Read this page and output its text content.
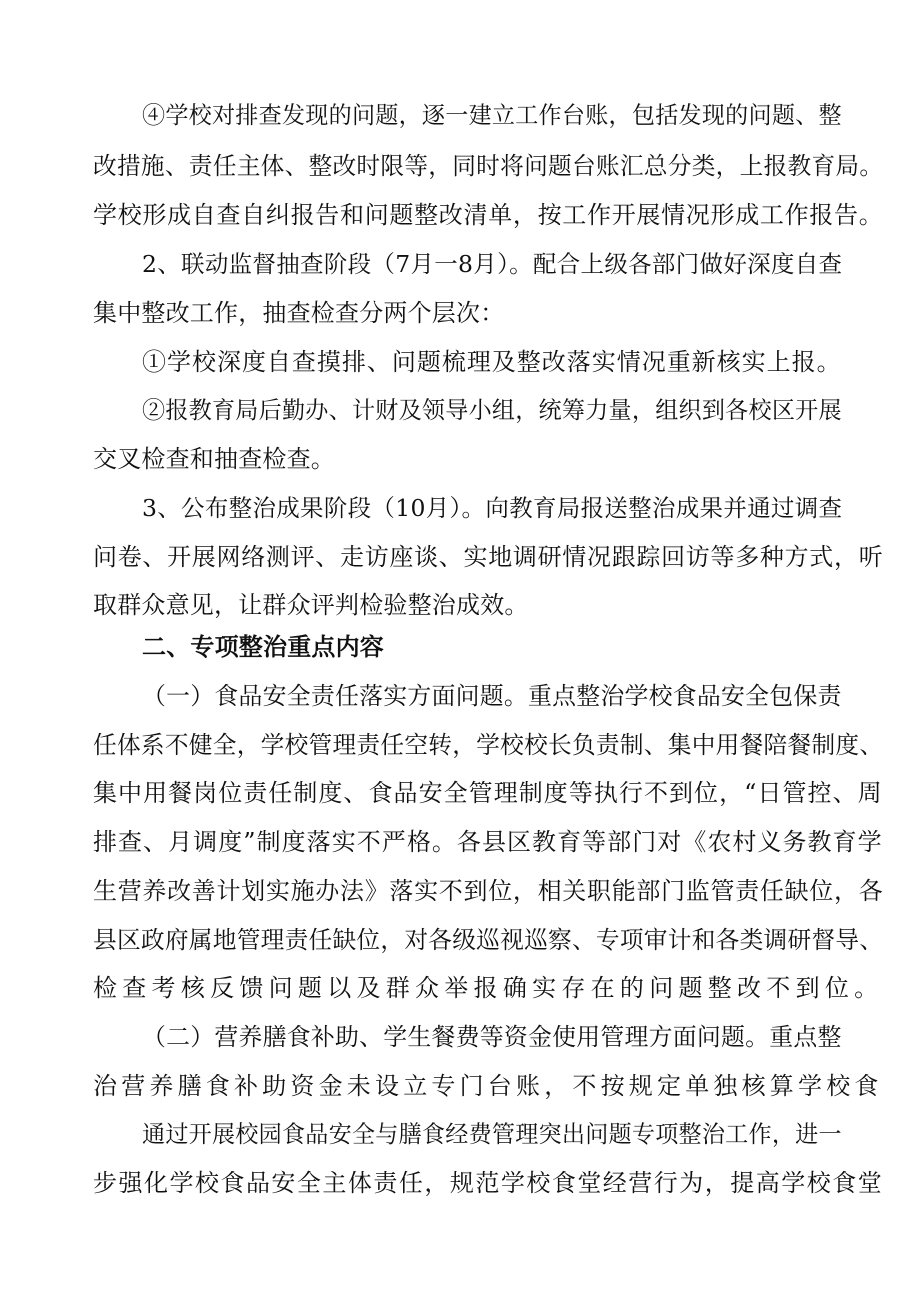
④学校对排查发现的问题，逐一建立工作台账，包括发现的问题、整
改措施、责任主体、整改时限等，同时将问题台账汇总分类，上报教育局。
学校形成自查自纠报告和问题整改清单，按工作开展情况形成工作报告。
2、联动监督抽查阶段（7月一8月）。配合上级各部门做好深度自查
集中整改工作，抽查检查分两个层次：
①学校深度自查摸排、问题梳理及整改落实情况重新核实上报。
②报教育局后勤办、计财及领导小组，统筹力量，组织到各校区开展
交叉检查和抽查检查。
3、公布整治成果阶段（10月）。向教育局报送整治成果并通过调查
问卷、开展网络测评、走访座谈、实地调研情况跟踪回访等多种方式，听
取群众意见，让群众评判检验整治成效。
二、专项整治重点内容
（一）食品安全责任落实方面问题。重点整治学校食品安全包保责
任体系不健全，学校管理责任空转，学校校长负责制、集中用餐陪餐制度、
集中用餐岗位责任制度、食品安全管理制度等执行不到位，“日管控、周
排查、月调度”制度落实不严格。各县区教育等部门对《农村义务教育学
生营养改善计划实施办法》落实不到位，相关职能部门监管责任缺位，各
县区政府属地管理责任缺位，对各级巡视巡察、专项审计和各类调研督导、
检查考核反馈问题以及群众举报确实存在的问题整改不到位。
（二）营养膳食补助、学生餐费等资金使用管理方面问题。重点整
治营养膳食补助资金未设立专门台账，不按规定单独核算学校食
通过开展校园食品安全与膳食经费管理突出问题专项整治工作，进一
步强化学校食品安全主体责任，规范学校食堂经营行为，提高学校食堂
